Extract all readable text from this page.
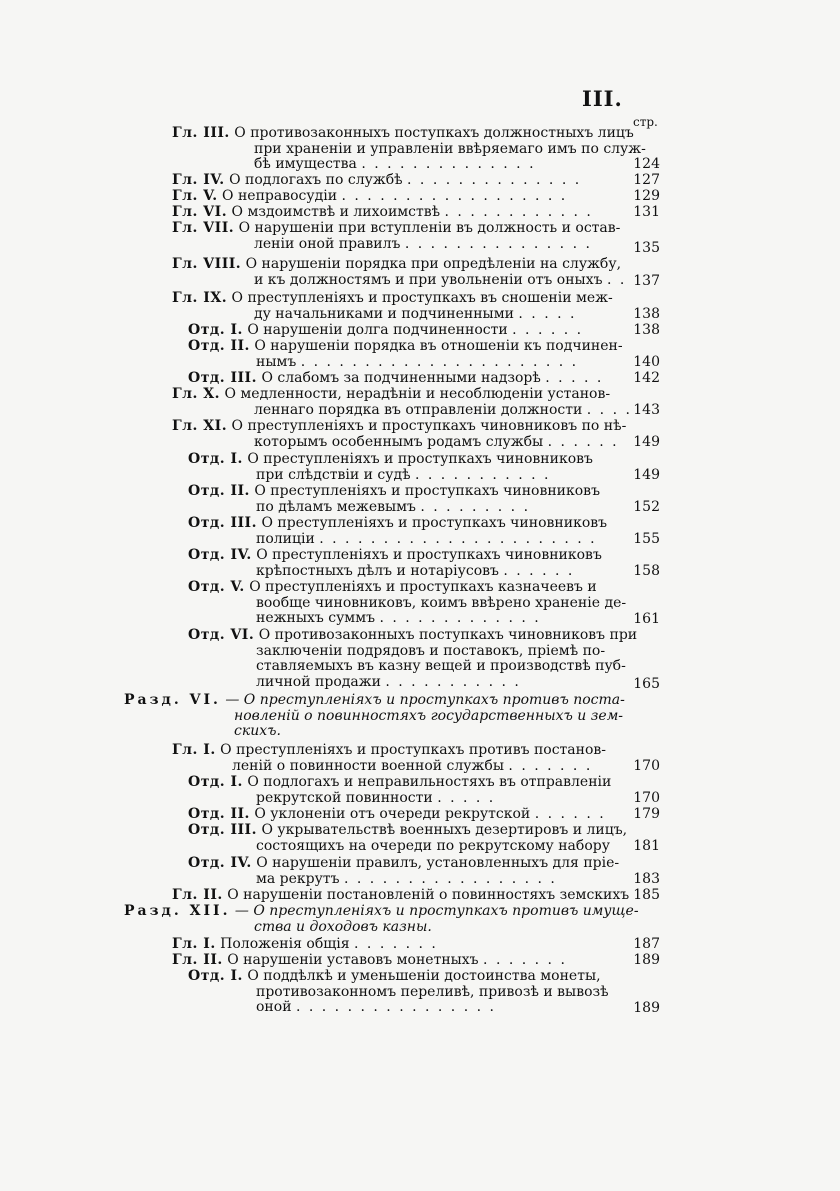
III.
стр.
Гл. III. О противозаконныхъ поступкахъ должностныхъ лицъ
при храненіи и управленіи ввѣряемаго имъ по служ-
бѣ имущества . . . . . . . . . . . . . .	124
Гл. IV. О подлогахъ по службѣ . . . . . . . . . . . . . .	127
Гл. V. О неправосудіи . . . . . . . . . . . . . . . . . .	129
Гл. VI. О мздоимствѣ и лихоимствѣ . . . . . . . . . . . .	131
Гл. VII. О нарушеніи при вступленіи въ должность и остав-
леніи оной правилъ . . . . . . . . . . . . . . .	135
Гл. VIII. О нарушеніи порядка при опредѣленіи на службу,
и къ должностямъ и при увольненіи отъ оныхъ . . 137
Гл. IX. О преступленіяхъ и проступкахъ въ сношеніи меж-
ду начальниками и подчиненными . . . . .	138
Отд. I. О нарушеніи долга подчиненности . . . . . .	138
Отд. II. О нарушеніи порядка въ отношеніи къ подчинен-
нымъ . . . . . . . . . . . . . . . . . . . . . .	140
Отд. III. О слабомъ за подчиненными надзорѣ . . . . .	142
Гл. X. О медленности, нерадѣніи и несоблюденіи установ-
леннаго порядка въ отправленіи должности . . . . 143
Гл. XI. О преступленіяхъ и проступкахъ чиновниковъ по нѣ-
которымъ особеннымъ родамъ службы . . . . . .	149
Отд. I. О преступленіяхъ и проступкахъ чиновниковъ
при слѣдствіи и судѣ . . . . . . . . . . .	149
Отд. II. О преступленіяхъ и проступкахъ чиновниковъ
по дѣламъ межевымъ . . . . . . . . .	152
Отд. III. О преступленіяхъ и проступкахъ чиновниковъ
полиціи . . . . . . . . . . . . . . . . . . . . . .	155
Отд. IV. О преступленіяхъ и проступкахъ чиновниковъ
крѣпостныхъ дѣлъ и нотаріусовъ . . . . . .	158
Отд. V. О преступленіяхъ и проступкахъ казначеевъ и
вообще чиновниковъ, коимъ ввѣрено храненіе де-
нежныхъ суммъ . . . . . . . . . . . . .	161
Отд. VI. О противозаконныхъ поступкахъ чиновниковъ при
заключеніи подрядовъ и поставокъ, пріемѣ по-
ставляемыхъ въ казну вещей и производствѣ пуб-
личной продажи . . . . . . . . . . .	165
Разд. VI. — О преступленіяхъ и проступкахъ противъ поста-
новленій о повинностяхъ государственныхъ и зем-
скихъ.
Гл. I. О преступленіяхъ и проступкахъ противъ постанов-
леній о повинности военной службы . . . . . . .	170
Отд. I. О подлогахъ и неправильностяхъ въ отправленіи
рекрутской повинности . . . . .	170
Отд. II. О уклоненіи отъ очереди рекрутской . . . . . .	179
Отд. III. О укрывательствѣ военныхъ дезертировъ и лицъ,
состоящихъ на очереди по рекрутскому набору	181
Отд. IV. О нарушеніи правилъ, установленныхъ для пріе-
ма рекрутъ . . . . . . . . . . . . . . . . .	183
Гл. II. О нарушеніи постановленій о повинностяхъ земскихъ 185
Разд. XII. — О преступленіяхъ и проступкахъ противъ имуще-
ства и доходовъ казны.
Гл. I. Положенія общія . . . . . . .	187
Гл. II. О нарушеніи уставовъ монетныхъ . . . . . . .	189
Отд. I. О поддѣлкѣ и уменьшеніи достоинства монеты,
противозаконномъ переливѣ, привозѣ и вывозѣ
оной . . . . . . . . . . . . . . . .	189
